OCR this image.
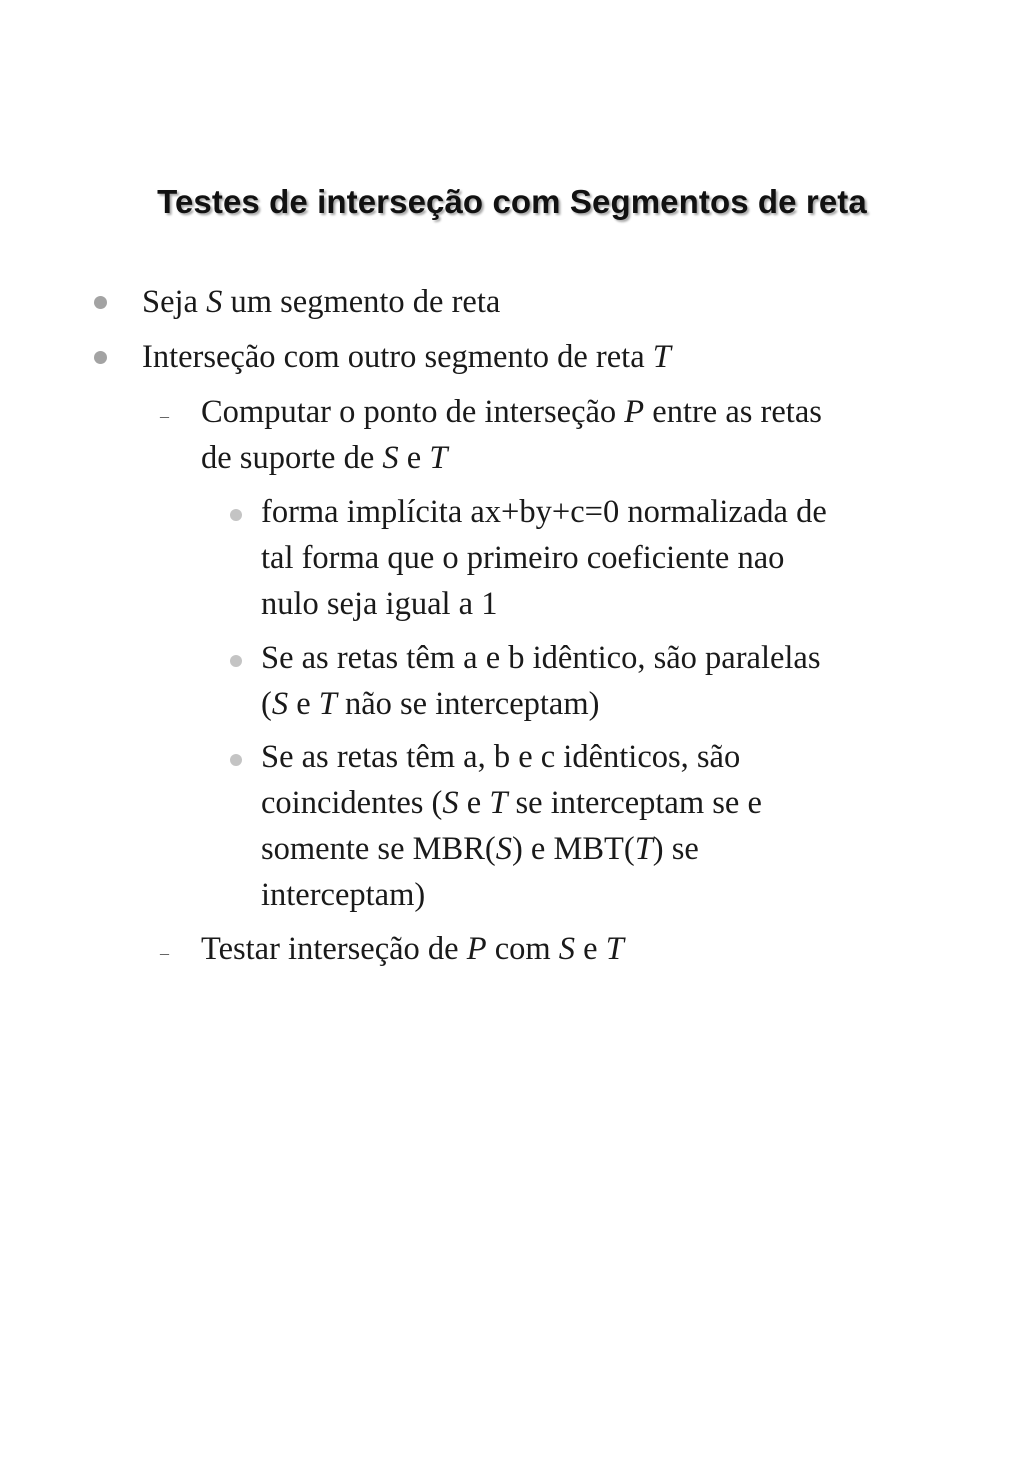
Testes de interseção com Segmentos de reta
Seja S um segmento de reta
Interseção com outro segmento de reta T
– Computar o ponto de interseção P entre as retas
de suporte de S e T
forma implícita ax+by+c=0 normalizada de
tal forma que o primeiro coeficiente nao
nulo seja igual a 1
Se as retas têm a e b idêntico, são paralelas
(S e T não se interceptam)
Se as retas têm a, b e c idênticos, são
coincidentes (S e T se interceptam se e
somente se MBR(S) e MBT(T) se
interceptam)
– Testar interseção de P com S e T
